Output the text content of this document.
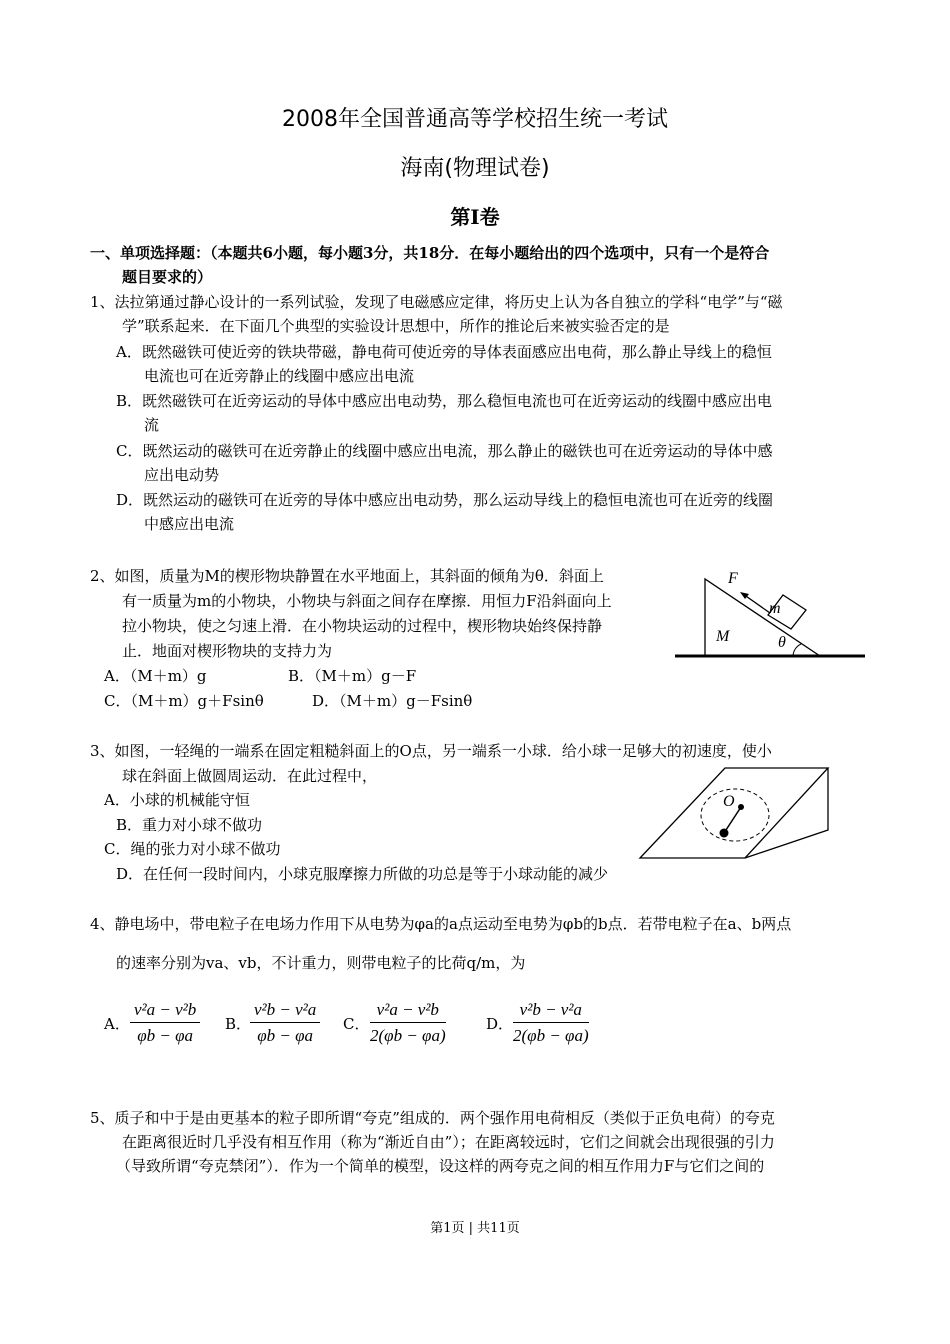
2008年全国普通高等学校招生统一考试
海南(物理试卷)
第I卷
一、单项选择题：（本题共6小题，每小题3分，共18分．在每小题给出的四个选项中，只有一个是符合
题目要求的）
1、法拉第通过静心设计的一系列试验，发现了电磁感应定律，将历史上认为各自独立的学科“电学”与“磁
学”联系起来．在下面几个典型的实验设计思想中，所作的推论后来被实验否定的是
A．既然磁铁可使近旁的铁块带磁，静电荷可使近旁的导体表面感应出电荷，那么静止导线上的稳恒
电流也可在近旁静止的线圈中感应出电流
B．既然磁铁可在近旁运动的导体中感应出电动势，那么稳恒电流也可在近旁运动的线圈中感应出电
流
C．既然运动的磁铁可在近旁静止的线圈中感应出电流，那么静止的磁铁也可在近旁运动的导体中感
应出电动势
D．既然运动的磁铁可在近旁的导体中感应出电动势，那么运动导线上的稳恒电流也可在近旁的线圈
中感应出电流
2、如图，质量为M的楔形物块静置在水平地面上，其斜面的倾角为θ．斜面上
有一质量为m的小物块，小物块与斜面之间存在摩擦．用恒力F沿斜面向上
拉小物块，使之匀速上滑．在小物块运动的过程中，楔形物块始终保持静
止．地面对楔形物块的支持力为
A．（M＋m）g	B．（M＋m）g－F
C．（M＋m）g＋Fsinθ	D．（M＋m）g－Fsinθ
F
m
M	θ
3、如图，一轻绳的一端系在固定粗糙斜面上的O点，另一端系一小球．给小球一足够大的初速度，使小
球在斜面上做圆周运动．在此过程中，
A．小球的机械能守恒
B．重力对小球不做功
C．绳的张力对小球不做功
D．在任何一段时间内，小球克服摩擦力所做的功总是等于小球动能的减少
O
4、静电场中，带电粒子在电场力作用下从电势为φa的a点运动至电势为φb的b点．若带电粒子在a、b两点
的速率分别为va、vb，不计重力，则带电粒子的比荷q/m，为
A． $\frac{\text{v²a − v²b}}{\varphi b - \varphi a}$ B．
$\frac{\text{v²b − v²a}}{\varphi b - \varphi a}$ C． $\frac{\text{v²a − v²b}}{2(\varphi b - \varphi a)}$	D． $\frac{\text{v²b − v²a}}{2(\varphi b - \varphi a)}$
5、质子和中于是由更基本的粒子即所谓“夸克”组成的．两个强作用电荷相反（类似于正负电荷）的夸克
在距离很近时几乎没有相互作用（称为“渐近自由”）；在距离较远时，它们之间就会出现很强的引力
（导致所谓“夸克禁闭”）．作为一个简单的模型，设这样的两夸克之间的相互作用力F与它们之间的
第1页 | 共11页
